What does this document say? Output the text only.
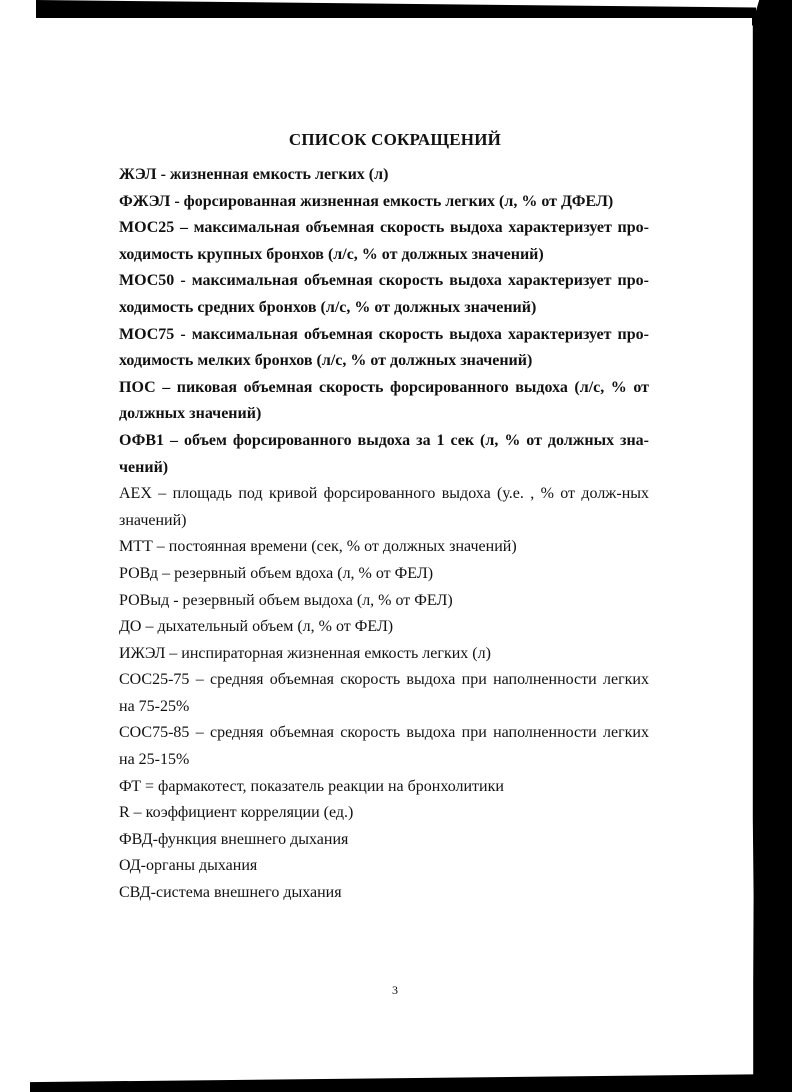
СПИСОК СОКРАЩЕНИЙ

ЖЭЛ - жизненная емкость легких (л)

ФЖЭЛ - форсированная жизненная емкость легких (л, % от ДФЕЛ)

МОС25 – максимальная объемная скорость выдоха характеризует про-ходимость крупных бронхов (л/с, % от должных значений)

МОС50 - максимальная объемная скорость выдоха характеризует про-ходимость средних бронхов (л/с, % от должных значений)

МОС75 - максимальная объемная скорость выдоха характеризует про-ходимость мелких бронхов (л/с, % от должных значений)

ПОС – пиковая объемная скорость форсированного выдоха (л/с, % от должных значений)

ОФВ1 – объем форсированного выдоха за 1 сек (л, % от должных зна-чений)

АЕХ – площадь под кривой форсированного выдоха (у.е. , % от долж-ных значений)

МТТ – постоянная времени (сек, % от должных значений)

РОВд – резервный объем вдоха (л, % от ФЕЛ)

РОВыд - резервный объем выдоха (л, % от ФЕЛ)

ДО – дыхательный объем (л, % от ФЕЛ)

ИЖЭЛ – инспираторная жизненная емкость легких (л)

СОС25-75 – средняя объемная скорость выдоха при наполненности легких на 75-25%

СОС75-85 – средняя объемная скорость выдоха при наполненности легких на 25-15%

ФТ = фармакотест, показатель реакции на бронхолитики

R – коэффициент корреляции (ед.)

ФВД-функция внешнего дыхания

ОД-органы дыхания

СВД-система внешнего дыхания

3
